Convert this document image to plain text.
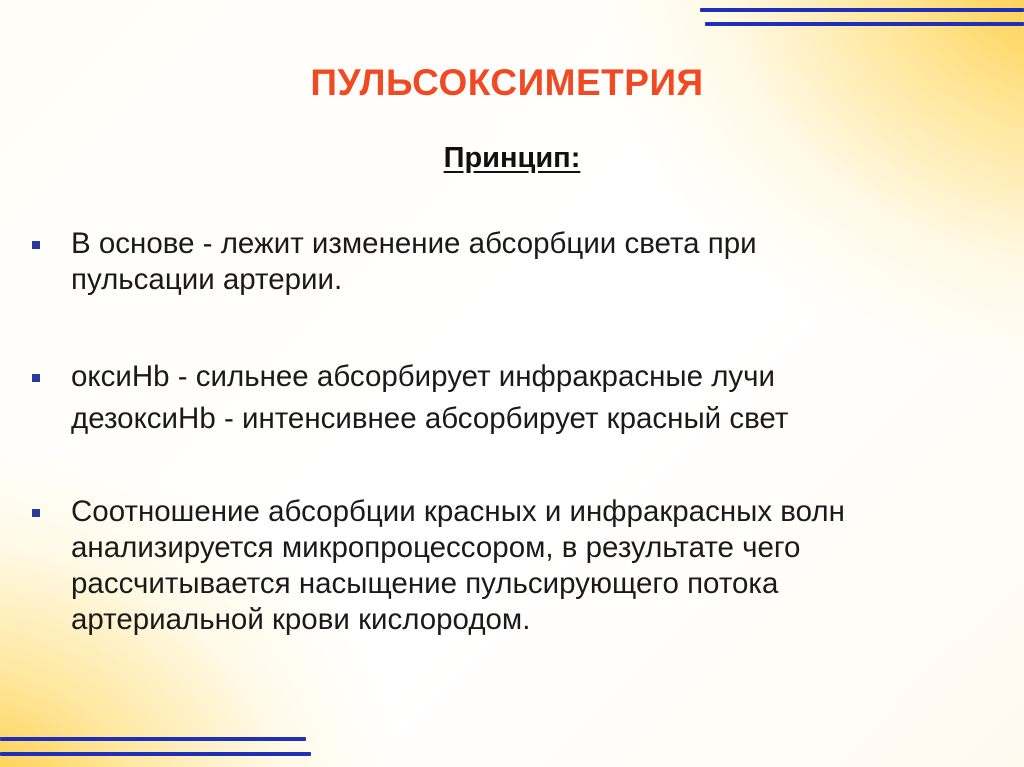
ПУЛЬСОКСИМЕТРИЯ
Принцип:
В основе - лежит изменение абсорбции света при
пульсации артерии.
оксиHb - сильнее абсорбирует инфракрасные лучи
дезоксиHb - интенсивнее абсорбирует красный свет
Соотношение абсорбции красных и инфракрасных волн
анализируется микропроцессором, в результате чего
рассчитывается насыщение пульсирующего потока
артериальной крови кислородом.
